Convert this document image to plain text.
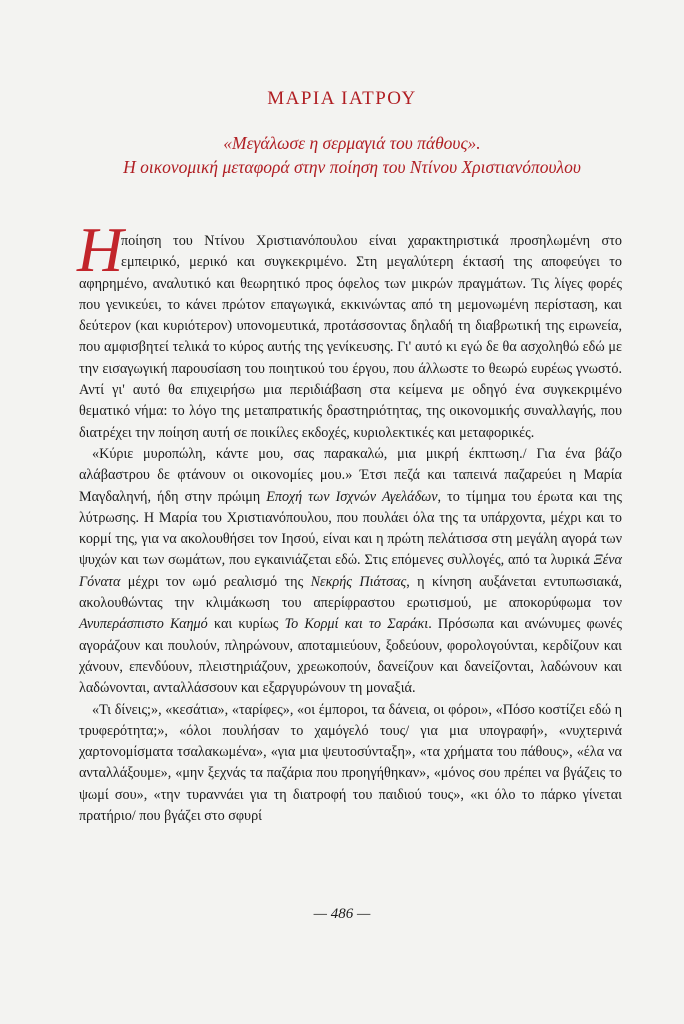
ΜΑΡΙΑ ΙΑΤΡΟΥ
«Μεγάλωσε η σερμαγιά του πάθους».
Η οικονομική μεταφορά στην ποίηση του Ντίνου Χριστιανόπουλου

Η
ποίηση του Ντίνου Χριστιανόπουλου είναι χαρακτηριστικά προσηλωμένη στο εμπειρικό, μερικό και συγκεκριμένο. Στη μεγαλύτερη έκτασή της αποφεύγει το αφηρημένο, αναλυτικό και θεωρητικό προς όφελος των μικρών πραγμάτων. Τις λίγες φορές που γενικεύει, το κάνει πρώτον επαγωγικά, εκκινώντας από τη μεμονωμένη περίσταση, και δεύτερον (και κυριότερον) υπονομευτικά, προτάσσοντας δηλαδή τη διαβρωτική της ειρωνεία, που αμφισβητεί τελικά το κύρος αυτής της γενίκευσης. Γι' αυτό κι εγώ δε θα ασχοληθώ εδώ με την εισαγωγική παρουσίαση του ποιητικού του έργου, που άλλωστε το θεωρώ ευρέως γνωστό. Αντί γι' αυτό θα επιχειρήσω μια περιδιάβαση στα κείμενα με οδηγό ένα συγκεκριμένο θεματικό νήμα: το λόγο της μεταπρατικής δραστηριότητας, της οικονομικής συναλλαγής, που διατρέχει την ποίηση αυτή σε ποικίλες εκδοχές, κυριολεκτικές και μεταφορικές.

«Κύριε μυροπώλη, κάντε μου, σας παρακαλώ, μια μικρή έκπτωση./ Για ένα βάζο αλάβαστρου δε φτάνουν οι οικονομίες μου.» Έτσι πεζά και ταπεινά παζαρεύει η Μαρία Μαγδαληνή, ήδη στην πρώιμη Εποχή των Ισχνών Αγελάδων, το τίμημα του έρωτα και της λύτρωσης. Η Μαρία του Χριστιανόπουλου, που πουλάει όλα της τα υπάρχοντα, μέχρι και το κορμί της, για να ακολουθήσει τον Ιησού, είναι και η πρώτη πελάτισσα στη μεγάλη αγορά των ψυχών και των σωμάτων, που εγκαινιάζεται εδώ. Στις επόμενες συλλογές, από τα λυρικά Ξένα Γόνατα μέχρι τον ωμό ρεαλισμό της Νεκρής Πιάτσας, η κίνηση αυξάνεται εντυπωσιακά, ακολουθώντας την κλιμάκωση του απερίφραστου ερωτισμού, με αποκορύφωμα τον Ανυπεράσπιστο Καημό και κυρίως Το Κορμί και το Σαράκι. Πρόσωπα και ανώνυμες φωνές αγοράζουν και πουλούν, πληρώνουν, αποταμιεύουν, ξοδεύουν, φορολογούνται, κερδίζουν και χάνουν, επενδύουν, πλειστηριάζουν, χρεωκοπούν, δανείζουν και δανείζονται, λαδώνουν και λαδώνονται, ανταλλάσσουν και εξαργυρώνουν τη μοναξιά.

«Τι δίνεις;», «κεσάτια», «ταρίφες», «οι έμποροι, τα δάνεια, οι φόροι», «Πόσο κοστίζει εδώ η τρυφερότητα;», «όλοι πουλήσαν το χαμόγελό τους/ για μια υπογραφή», «νυχτερινά χαρτονομίσματα τσαλακωμένα», «για μια ψευτοσύνταξη», «τα χρήματα του πάθους», «έλα να ανταλλάξουμε», «μην ξεχνάς τα παζάρια που προηγήθηκαν», «μόνος σου πρέπει να βγάζεις το ψωμί σου», «την τυραννάει για τη διατροφή του παιδιού τους», «κι όλο το πάρκο γίνεται πρατήριο/ που βγάζει στο σφυρί

— 486 —
